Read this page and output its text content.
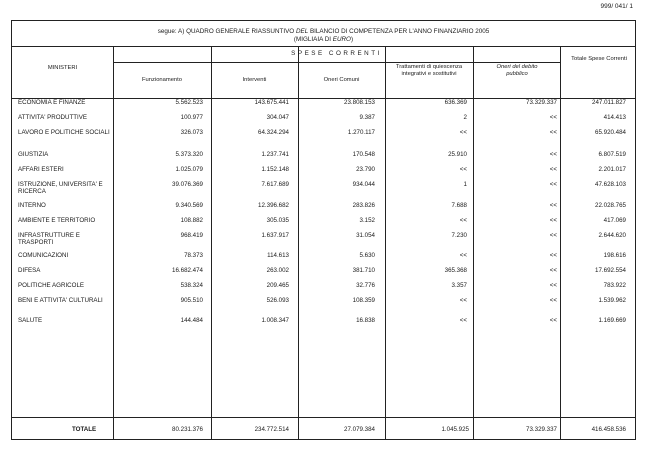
999/ 041/ 1
segue: A) QUADRO GENERALE RIASSUNTIVO DEL BILANCIO DI COMPETENZA PER L'ANNO FINANZIARIO 2005
(MIGLIAIA DI EURO)
MINISTERI
SPESE CORRENTI
Funzionamento	Interventi	Oneri Comuni
Trattamenti di quiescenza integrativi e sostitutivi
Oneri del debito pubblico
Totale Spese Correnti
ECONOMIA E FINANZE	5.562.523	143.675.441	23.808.153	636.369	73.329.337	247.011.827
ATTIVITA' PRODUTTIVE	100.977	304.047	9.387	2	<<	414.413
LAVORO E POLITICHE SOCIALI	326.073	64.324.294	1.270.117	<<	<<	65.920.484
GIUSTIZIA	5.373.320	1.237.741	170.548	25.910	<<	6.807.519
AFFARI ESTERI	1.025.079	1.152.148	23.790	<<	<<	2.201.017
ISTRUZIONE, UNIVERSITA' E RICERCA
39.076.369	7.617.689	934.044	1	<<	47.628.103
INTERNO	9.340.569	12.396.682	283.826	7.688	<<	22.028.765
AMBIENTE E TERRITORIO	108.882	305.035	3.152	<<	<<	417.069
INFRASTRUTTURE E TRASPORTI
968.419	1.637.917	31.054	7.230	<<	2.644.620
COMUNICAZIONI	78.373	114.613	5.630	<<	<<	198.616
DIFESA	16.682.474	263.002	381.710	365.368	<<	17.692.554
POLITICHE AGRICOLE	538.324	209.465	32.776	3.357	<<	783.922
BENI E ATTIVITA' CULTURALI	905.510	526.093	108.359	<<	<<	1.539.962
SALUTE	144.484	1.008.347	16.838	<<	<<	1.169.669
TOTALE	80.231.376	234.772.514	27.079.384	1.045.925	73.329.337	416.458.536
